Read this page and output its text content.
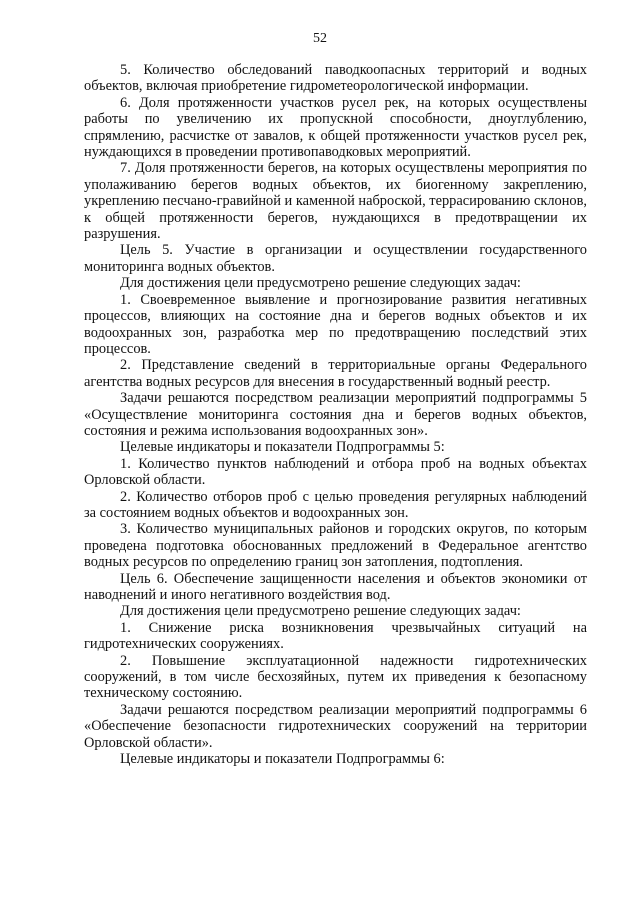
52

5. Количество обследований паводкоопасных территорий и водных объектов, включая приобретение гидрометеорологической информации.

6. Доля протяженности участков русел рек, на которых осуществлены работы по увеличению их пропускной способности, дноуглублению, спрямлению, расчистке от завалов, к общей протяженности участков русел рек, нуждающихся в проведении противопаводковых мероприятий.

7. Доля протяженности берегов, на которых осуществлены мероприятия по уполаживанию берегов водных объектов, их биогенному закреплению, укреплению песчано-гравийной и каменной наброской, террасированию склонов, к общей протяженности берегов, нуждающихся в предотвращении их разрушения.

Цель 5. Участие в организации и осуществлении государственного мониторинга водных объектов.

Для достижения цели предусмотрено решение следующих задач:

1. Своевременное выявление и прогнозирование развития негативных процессов, влияющих на состояние дна и берегов водных объектов и их водоохранных зон, разработка мер по предотвращению последствий этих процессов.

2. Представление сведений в территориальные органы Федерального агентства водных ресурсов для внесения в государственный водный реестр.

Задачи решаются посредством реализации мероприятий подпрограммы 5 «Осуществление мониторинга состояния дна и берегов водных объектов, состояния и режима использования водоохранных зон».

Целевые индикаторы и показатели Подпрограммы 5:

1. Количество пунктов наблюдений и отбора проб на водных объектах Орловской области.

2. Количество отборов проб с целью проведения регулярных наблюдений за состоянием водных объектов и водоохранных зон.

3. Количество муниципальных районов и городских округов, по которым проведена подготовка обоснованных предложений в Федеральное агентство водных ресурсов по определению границ зон затопления, подтопления.

Цель 6. Обеспечение защищенности населения и объектов экономики от наводнений и иного негативного воздействия вод.

Для достижения цели предусмотрено решение следующих задач:

1. Снижение риска возникновения чрезвычайных ситуаций на гидротехнических сооружениях.

2. Повышение эксплуатационной надежности гидротехнических сооружений, в том числе бесхозяйных, путем их приведения к безопасному техническому состоянию.

Задачи решаются посредством реализации мероприятий подпрограммы 6 «Обеспечение безопасности гидротехнических сооружений на территории Орловской области».

Целевые индикаторы и показатели Подпрограммы 6:
